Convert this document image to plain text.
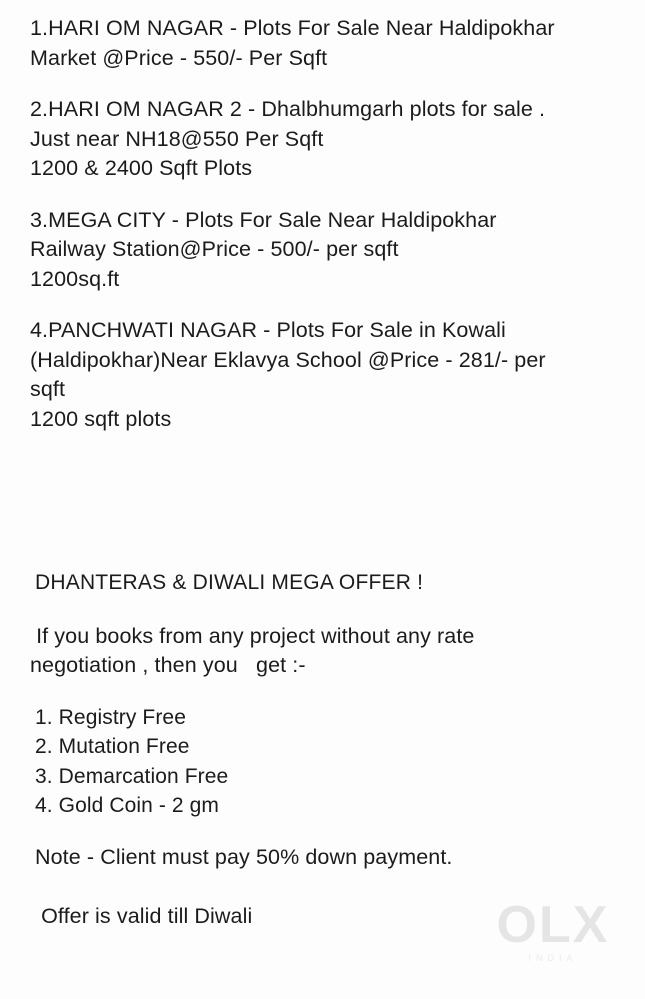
1.HARI OM NAGAR - Plots For Sale Near Haldipokhar
Market @Price - 550/- Per Sqft
2.HARI OM NAGAR 2 - Dhalbhumgarh plots for sale .
Just near NH18@550 Per Sqft
1200 & 2400 Sqft Plots
3.MEGA CITY - Plots For Sale Near Haldipokhar
Railway Station@Price - 500/- per sqft
1200sq.ft
4.PANCHWATI NAGAR - Plots For Sale in Kowali
(Haldipokhar)Near Eklavya School @Price - 281/- per
sqft
1200 sqft plots
DHANTERAS & DIWALI MEGA OFFER !
If you books from any project without any rate
negotiation , then you   get :-
1. Registry Free
2. Mutation Free
3. Demarcation Free
4. Gold Coin - 2 gm
Note - Client must pay 50% down payment.
Offer is valid till Diwali	OLX
INDIA
